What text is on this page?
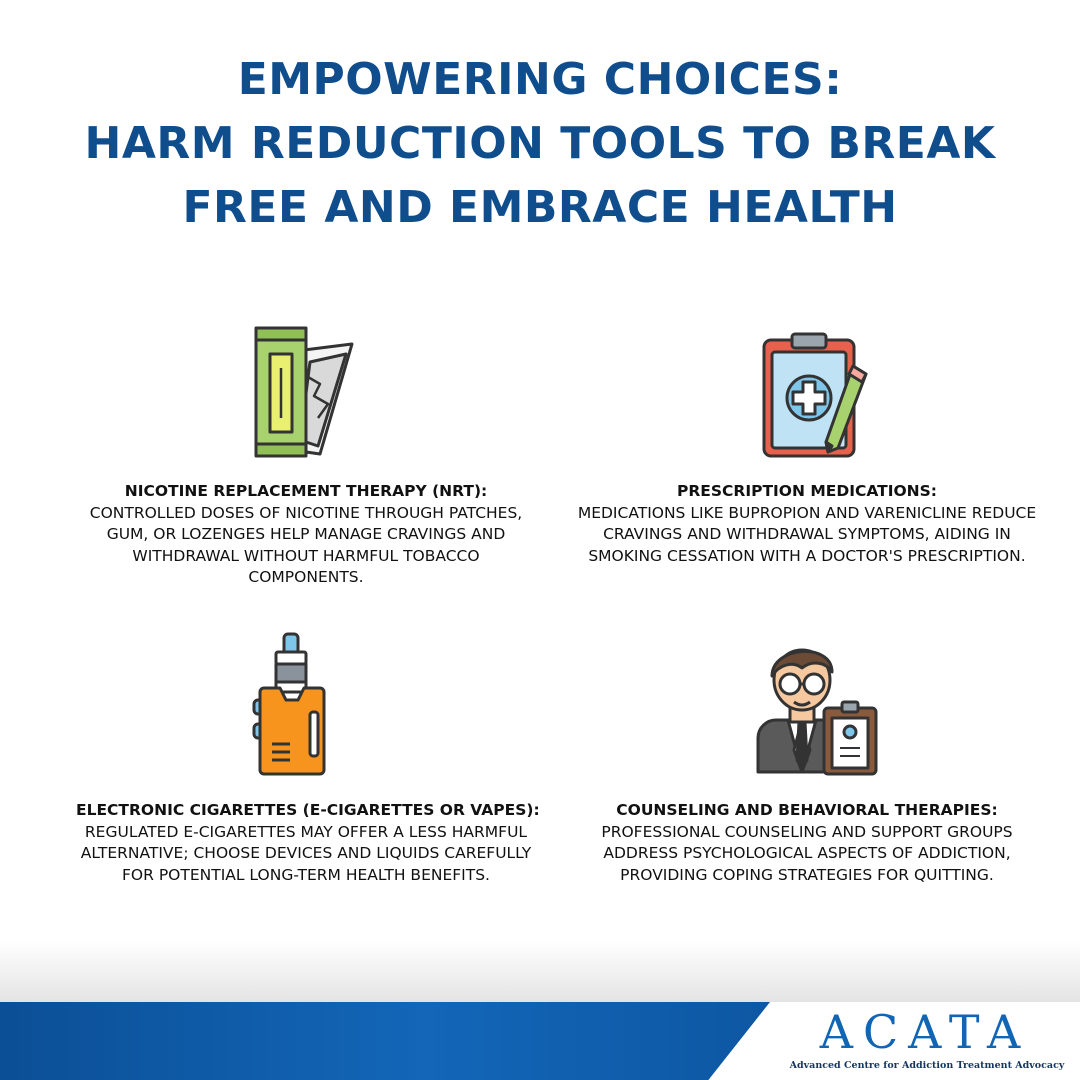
EMPOWERING CHOICES:
HARM REDUCTION TOOLS TO BREAK
FREE AND EMBRACE HEALTH
NICOTINE REPLACEMENT THERAPY (NRT):
CONTROLLED DOSES OF NICOTINE THROUGH PATCHES, GUM, OR LOZENGES HELP MANAGE CRAVINGS AND WITHDRAWAL WITHOUT HARMFUL TOBACCO COMPONENTS.
PRESCRIPTION MEDICATIONS:
MEDICATIONS LIKE BUPROPION AND VARENICLINE REDUCE CRAVINGS AND WITHDRAWAL SYMPTOMS, AIDING IN SMOKING CESSATION WITH A DOCTOR'S PRESCRIPTION.
ELECTRONIC CIGARETTES (E-CIGARETTES OR VAPES):
REGULATED E-CIGARETTES MAY OFFER A LESS HARMFUL ALTERNATIVE; CHOOSE DEVICES AND LIQUIDS CAREFULLY FOR POTENTIAL LONG-TERM HEALTH BENEFITS.
COUNSELING AND BEHAVIORAL THERAPIES:
PROFESSIONAL COUNSELING AND SUPPORT GROUPS ADDRESS PSYCHOLOGICAL ASPECTS OF ADDICTION, PROVIDING COPING STRATEGIES FOR QUITTING.
ACATA
Advanced Centre for Addiction Treatment Advocacy
